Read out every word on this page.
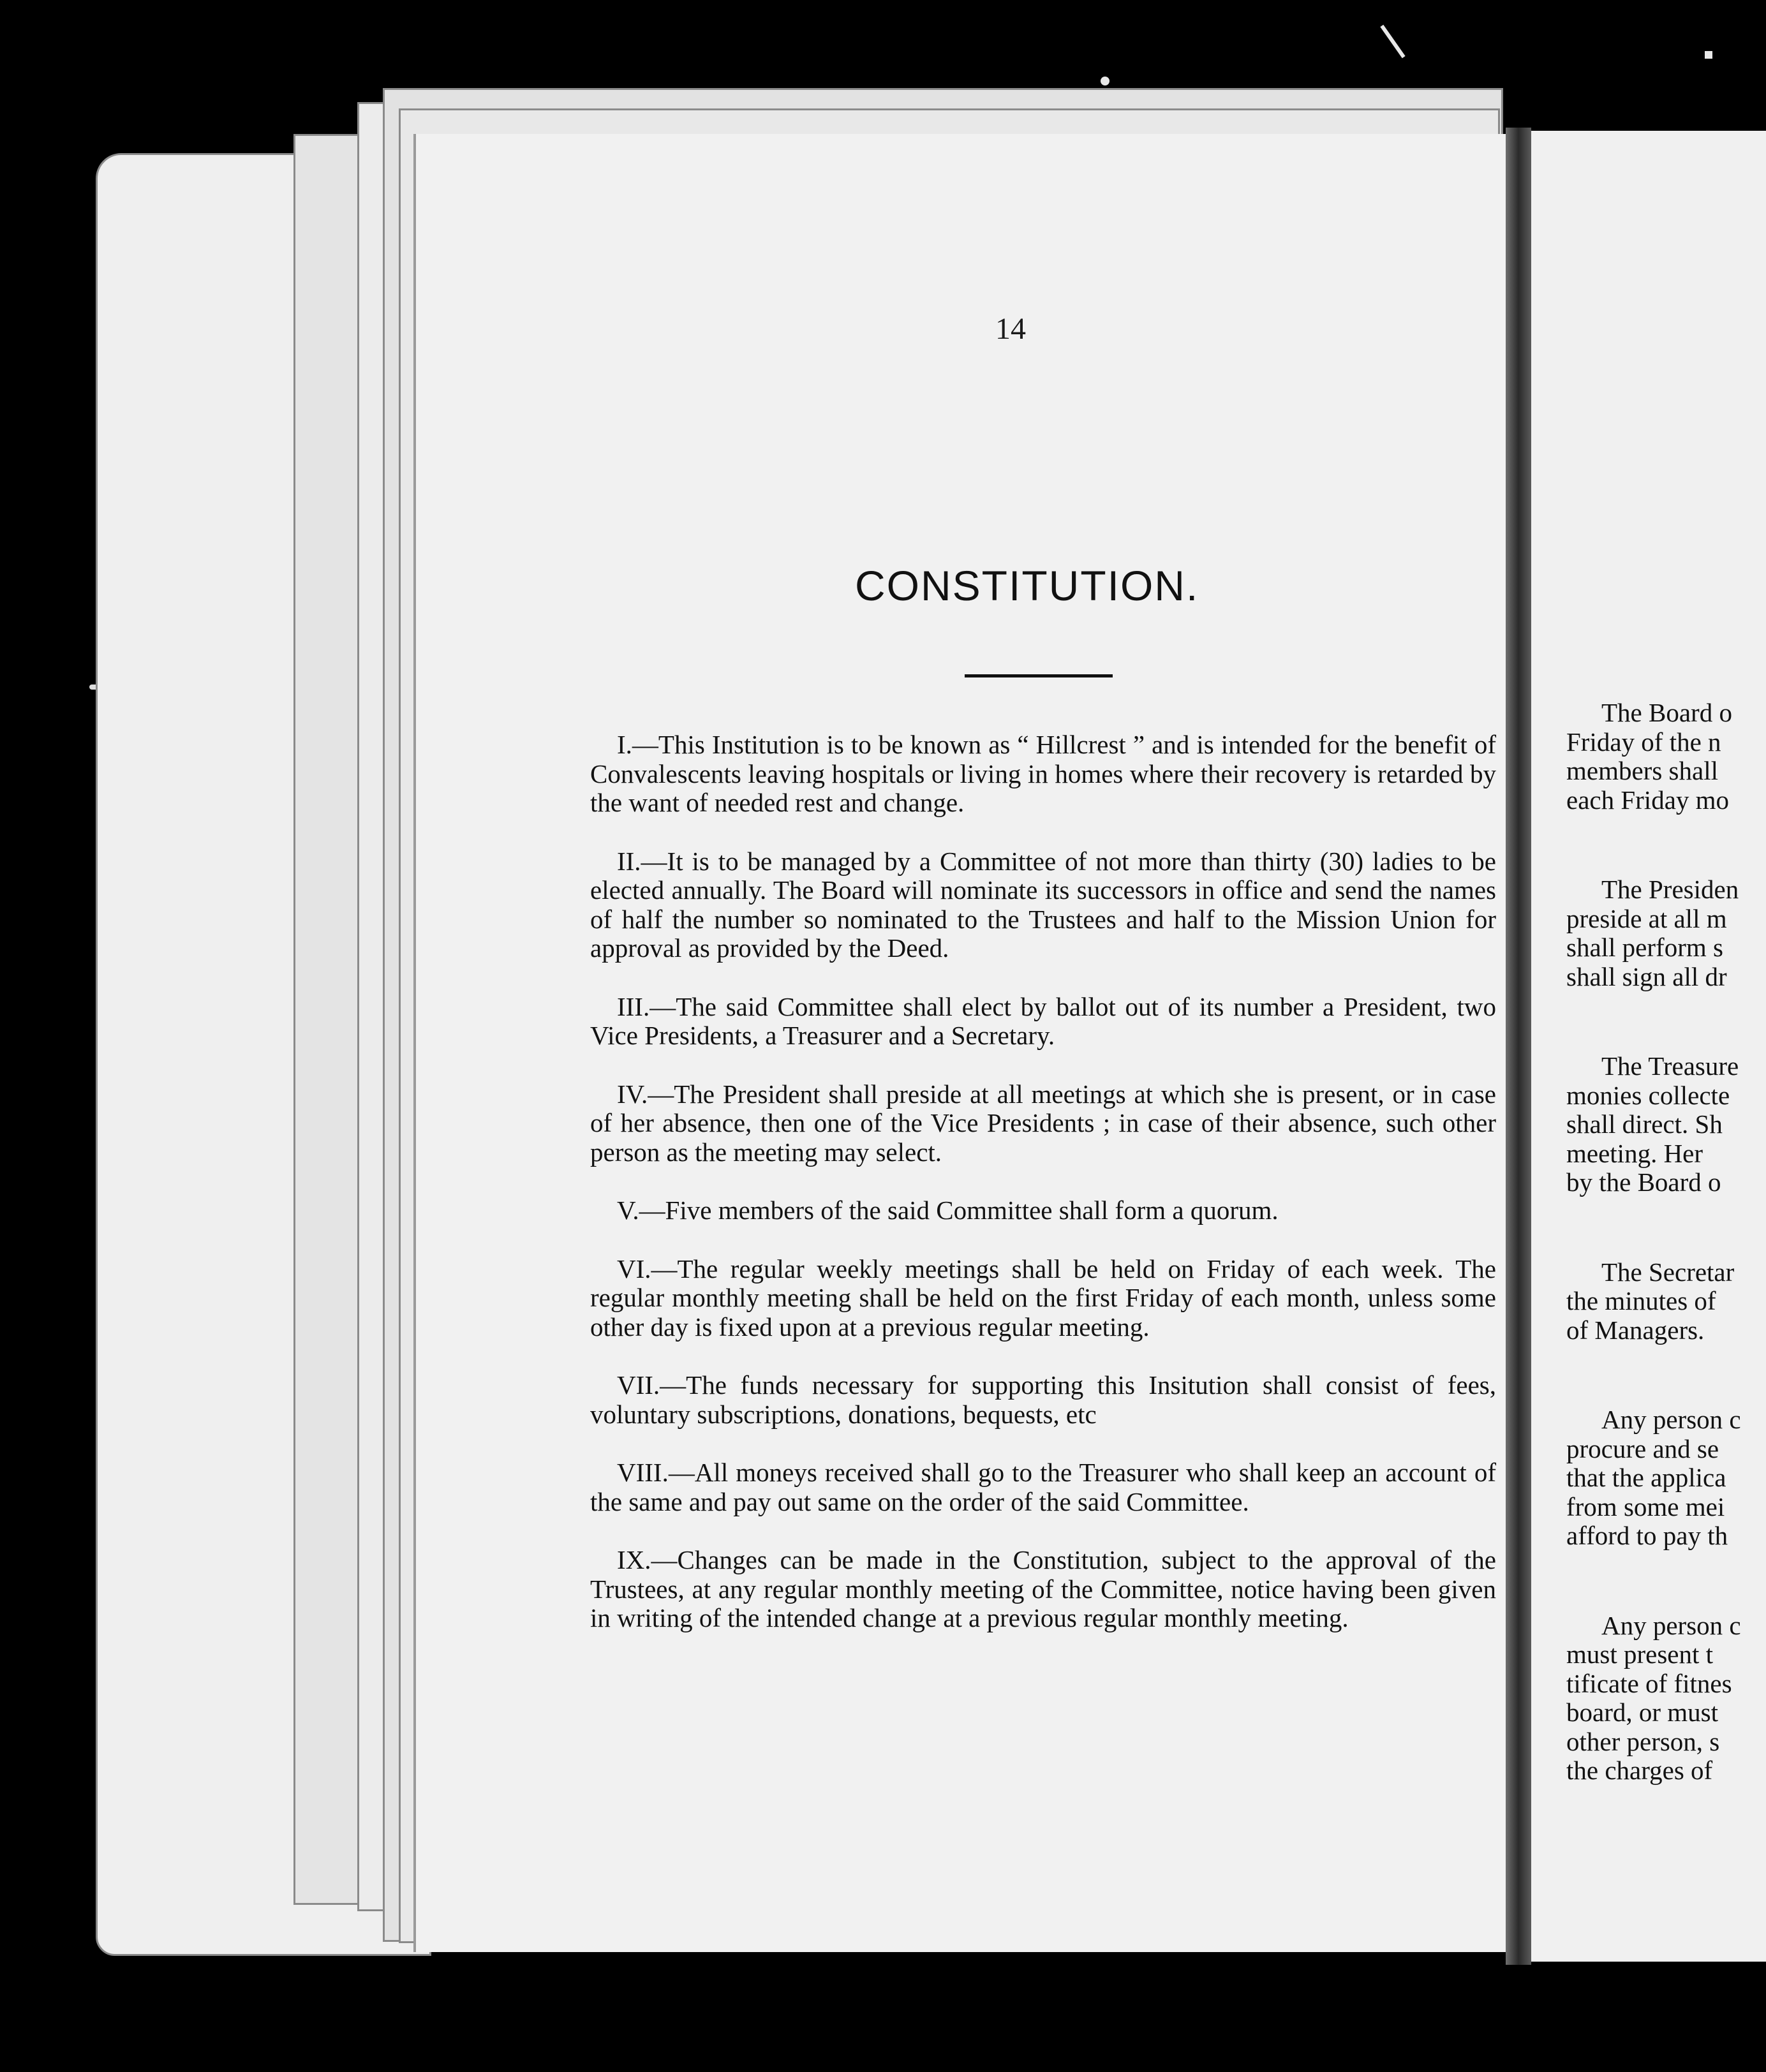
14
CONSTITUTION.

I.—This Institution is to be known as “ Hillcrest ” and is intended for the benefit of Convalescents leaving hospitals or living in homes where their recovery is retarded by the want of needed rest and change.

II.—It is to be managed by a Committee of not more than thirty (30) ladies to be elected annually. The Board will nominate its successors in office and send the names of half the number so nominated to the Trustees and half to the Mission Union for approval as provided by the Deed.

III.—The said Committee shall elect by ballot out of its number a President, two Vice Presidents, a Treasurer and a Secretary.

IV.—The President shall preside at all meetings at which she is present, or in case of her absence, then one of the Vice Presidents ; in case of their absence, such other person as the meeting may select.

V.—Five members of the said Committee shall form a quorum.

VI.—The regular weekly meetings shall be held on Friday of each week. The regular monthly meeting shall be held on the first Friday of each month, unless some other day is fixed upon at a previous regular meeting.

VII.—The funds necessary for supporting this Insitution shall consist of fees, voluntary subscriptions, donations, bequests, etc

VIII.—All moneys received shall go to the Treasurer who shall keep an account of the same and pay out same on the order of the said Committee.

IX.—Changes can be made in the Constitution, subject to the approval of the Trustees, at any regular monthly meeting of the Committee, notice having been given in writing of the intended change at a previous regular monthly meeting.

The Board o
Friday of the n
members shall
each Friday mo
The Presiden
preside at all m
shall perform s
shall sign all dr
The Treasure
monies collecte
shall direct. Sh
meeting. Her
by the Board o
The Secretar
the minutes of
of Managers.
Any person c
procure and se
that the applica
from some mei
afford to pay th
Any person c
must present t
tificate of fitnes
board, or must
other person, s
the charges of
